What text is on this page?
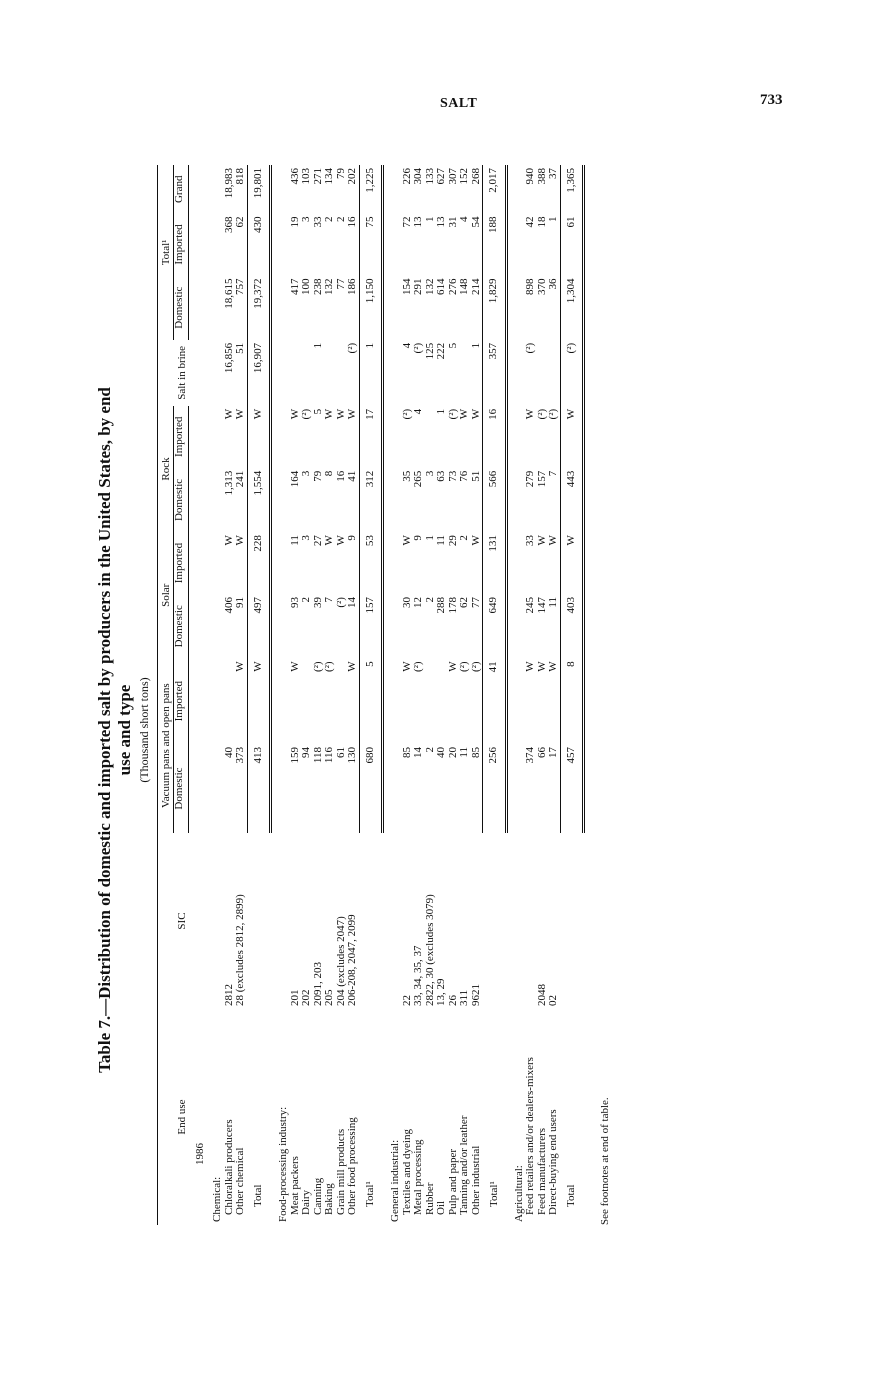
SALT	733
Table 7.—Distribution of domestic and imported salt by producers in the United States, by end use and type (Thousand short tons)
End use	SIC	Vacuum pans and open pans		Solar		Rock		Salt in brine	Total¹		
		Domestic	Imported	Domestic	Imported	Domestic	Imported		Domestic	Imported	Grand
1986											
Chemical:											
Chloralkali producers	2812	40		406	W	1,313	W	16,856	18,615	368	18,983
Other chemical	28 (excludes 2812, 2899)	373	W	91	W	241	W	51	757	62	818
Total		413	W	497	228	1,554	W	16,907	19,372	430	19,801

Food-processing industry:											
Meat packers	201	159	W	93	11	164	W		417	19	436
Dairy	202	94		2	3	3	(²)		100	3	103
Canning	2091, 203	118	(²)	39	27	79	5	1	238	33	271
Baking	205	116	(²)	7	W	8	W		132	2	134
Grain mill products	204 (excludes 2047)	61		(²)	W	16	W		77	2	79
Other food processing	206-208, 2047, 2099	130	W	14	9	41	W	(²)	186	16	202
Total¹		680	5	157	53	312	17	1	1,150	75	1,225

General industrial:											
Textiles and dyeing	22	85	W	30	W	35	(²)	4	154	72	226
Metal processing	33, 34, 35, 37	14	(²)	12	9	265	4	(²)	291	13	304
Rubber	2822, 30 (excludes 3079)	2		2	1	3		125	132	1	133
Oil	13, 29	40		288	11	63	1	222	614	13	627
Pulp and paper	26	20	W	178	29	73	(²)	5	276	31	307
Tanning and/or leather	311	11	(²)	62	2	76	W		148	4	152
Other industrial	9621	85	(²)	77	W	51	W	1	214	54	268
Total¹		256	41	649	131	566	16	357	1,829	188	2,017

Agricultural:											
Feed retailers and/or dealers-mixers		374	W	245	33	279	W	(²)	898	42	940
Feed manufacturers	2048	66	W	147	W	157	(²)		370	18	388
Direct-buying end users	02	17	W	11	W	7	(²)		36	1	37
Total		457	8	403	W	443	W	(²)	1,304	61	1,365

See footnotes at end of table.
